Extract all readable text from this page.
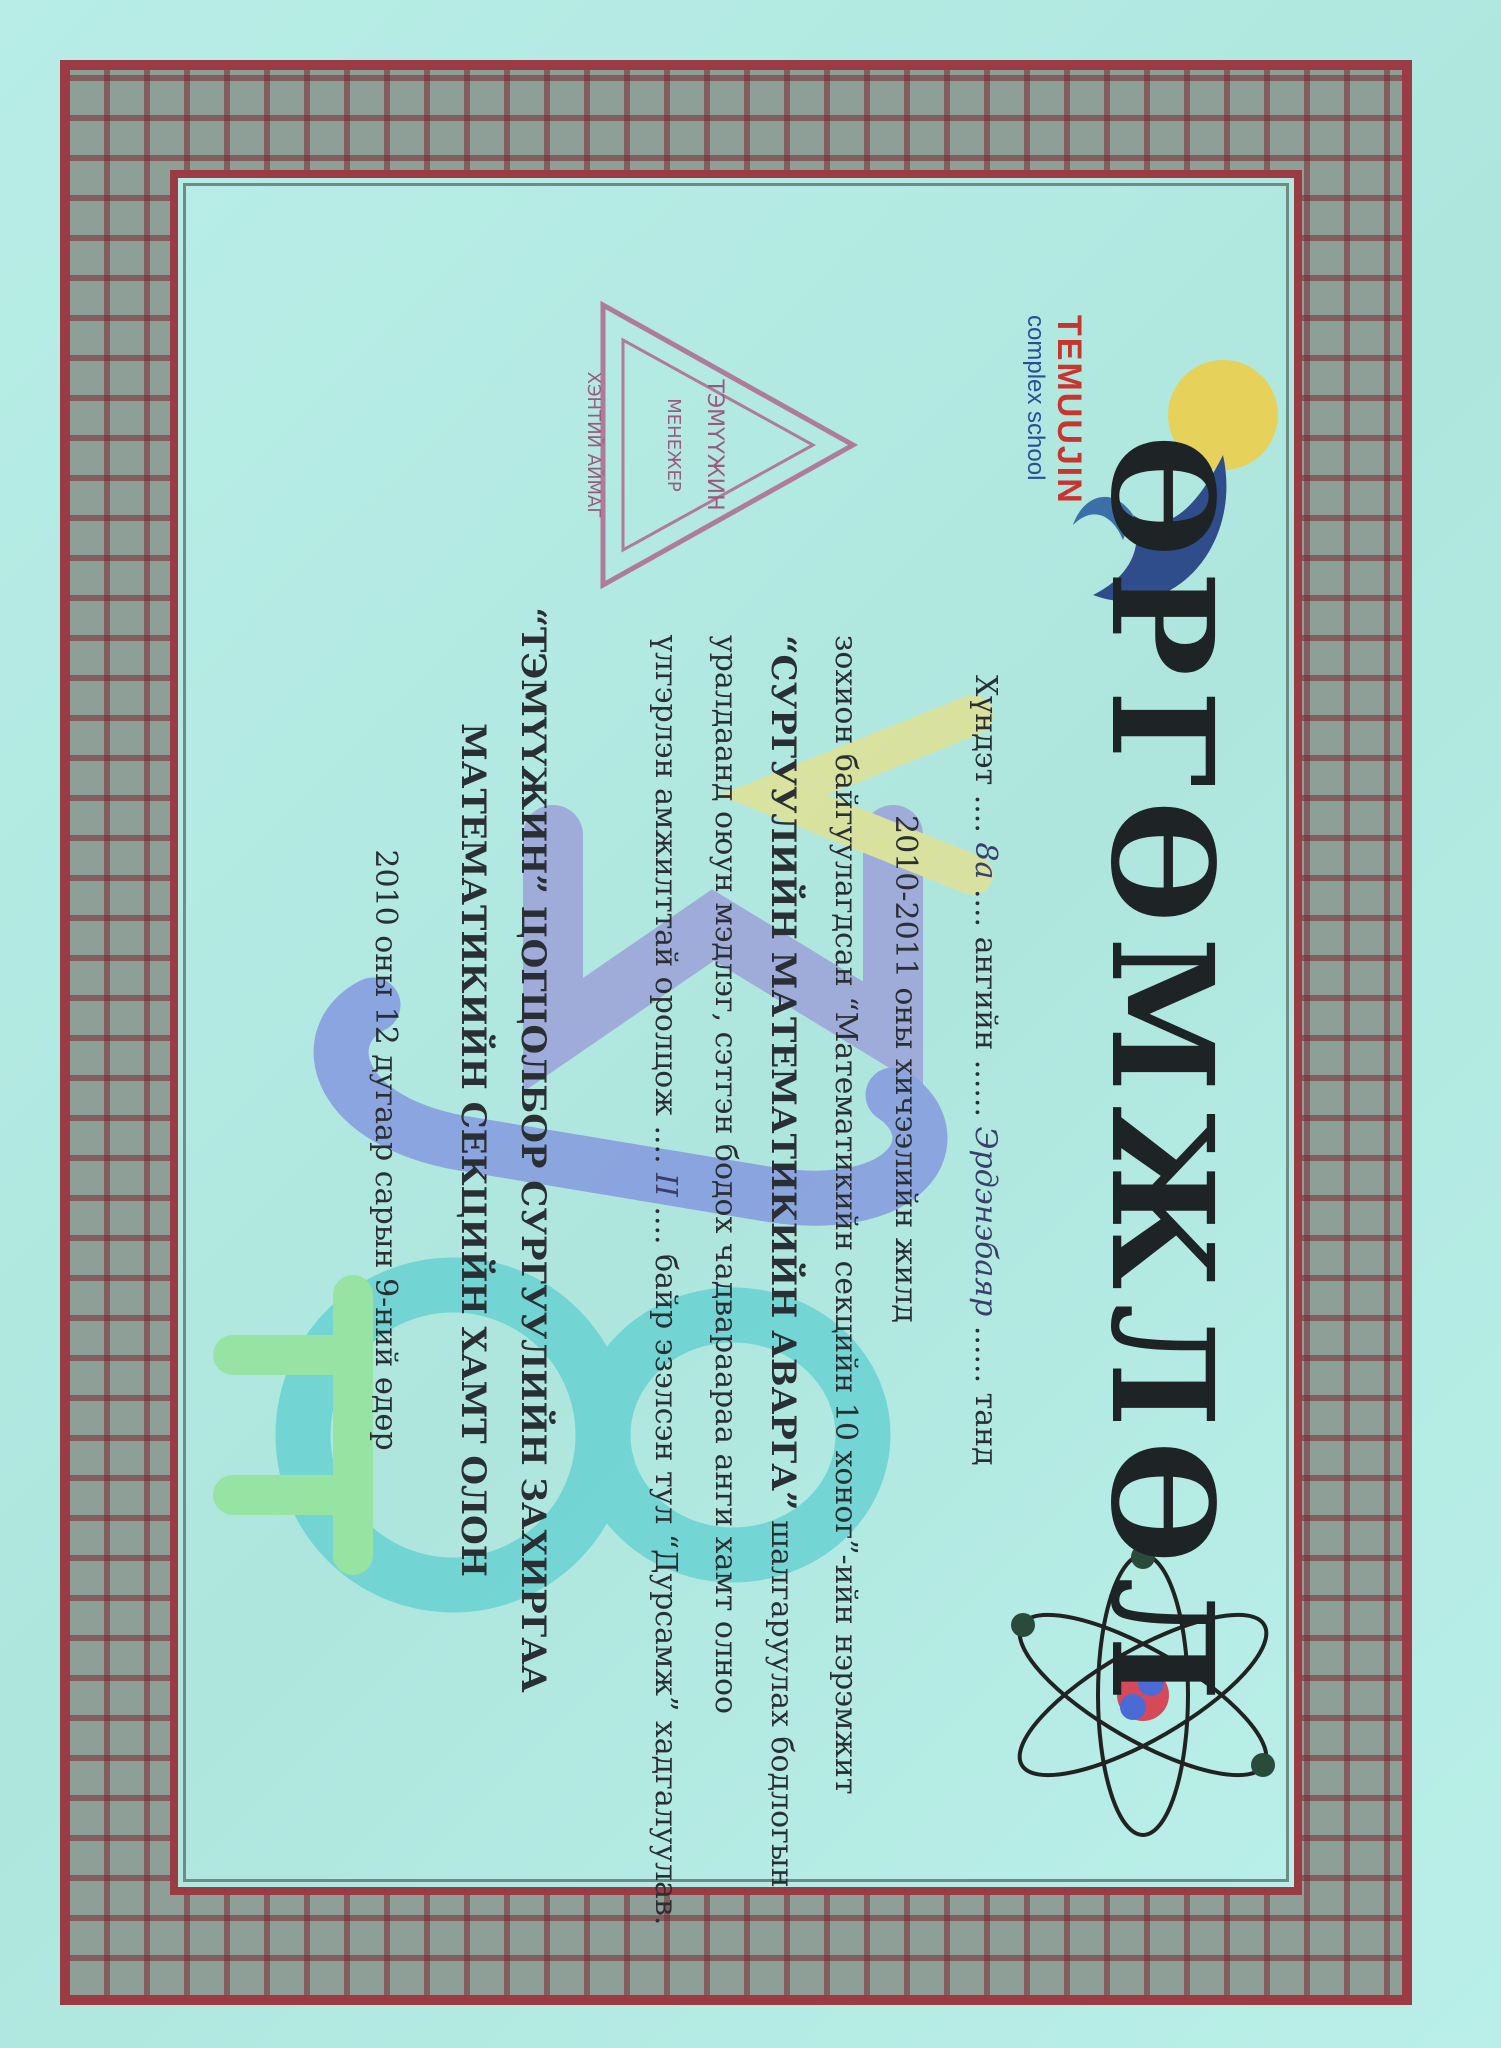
TEMUUJIN
complex school
ӨРГӨМЖЛӨЛ
Хүндэт .... 8а .... ангийн ...... Эрдэнэбаяр ...... танд
2010-2011 оны хичээлийн жилд
зохион байгуулагдсан “Математикийн секцийн 10 хоног”-ийн нэрэмжит
“СУРГУУЛИЙН МАТЕМАТИКИЙН АВАРГА” шалгаруулах бодлогын
уралдаанд оюун мэдлэг, сэтгэн бодох чадвараараа анги хамт олноо
үлгэрлэн амжилттай оролцож .... II .... байр эзэлсэн тул “Дурсамж” хадгалуулав.
ТЭМҮҮЖИН
МЕНЕЖЕР
ХЭНТИЙ АЙМАГ
“ТЭМҮҮЖИН” ЦОГЦОЛБОР СУРГУУЛИЙН ЗАХИРГАА
МАТЕМАТИКИЙН СЕКЦИЙН ХАМТ ОЛОН
2010 оны 12 дугаар сарын 9-ний өдөр
